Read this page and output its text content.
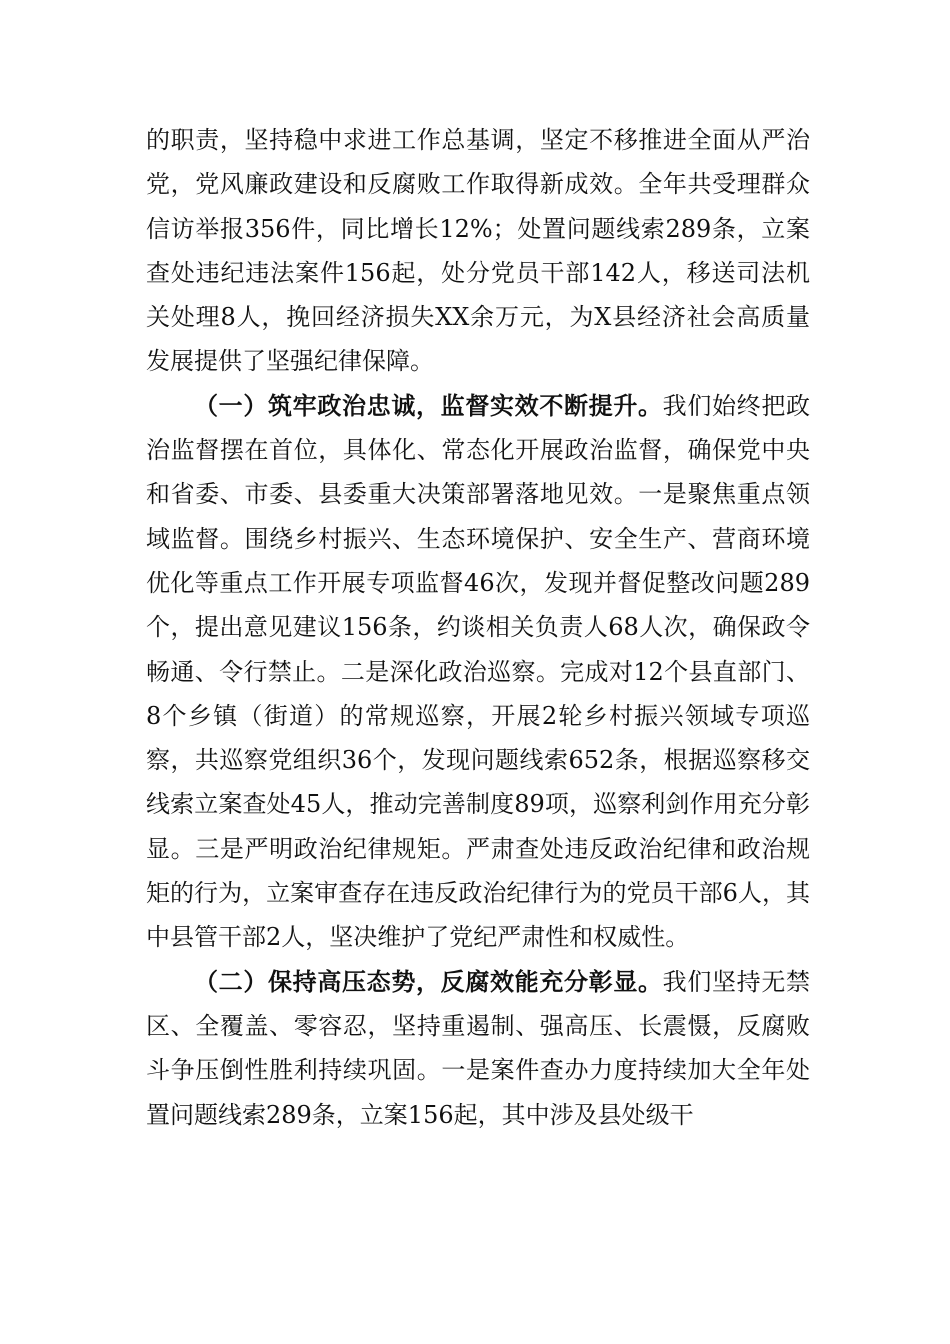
的职责，坚持稳中求进工作总基调，坚定不移推进全面从严治党，党风廉政建设和反腐败工作取得新成效。全年共受理群众信访举报356件，同比增长12%；处置问题线索289条，立案查处违纪违法案件156起，处分党员干部142人，移送司法机关处理8人，挽回经济损失XX余万元，为X县经济社会高质量发展提供了坚强纪律保障。

（一）筑牢政治忠诚，监督实效不断提升。我们始终把政治监督摆在首位，具体化、常态化开展政治监督，确保党中央和省委、市委、县委重大决策部署落地见效。一是聚焦重点领域监督。围绕乡村振兴、生态环境保护、安全生产、营商环境优化等重点工作开展专项监督46次，发现并督促整改问题289个，提出意见建议156条，约谈相关负责人68人次，确保政令畅通、令行禁止。二是深化政治巡察。完成对12个县直部门、8个乡镇（街道）的常规巡察，开展2轮乡村振兴领域专项巡察，共巡察党组织36个，发现问题线索652条，根据巡察移交线索立案查处45人，推动完善制度89项，巡察利剑作用充分彰显。三是严明政治纪律规矩。严肃查处违反政治纪律和政治规矩的行为，立案审查存在违反政治纪律行为的党员干部6人，其中县管干部2人，坚决维护了党纪严肃性和权威性。

（二）保持高压态势，反腐效能充分彰显。我们坚持无禁区、全覆盖、零容忍，坚持重遏制、强高压、长震慑，反腐败斗争压倒性胜利持续巩固。一是案件查办力度持续加大全年处置问题线索289条，立案156起，其中涉及县处级干
